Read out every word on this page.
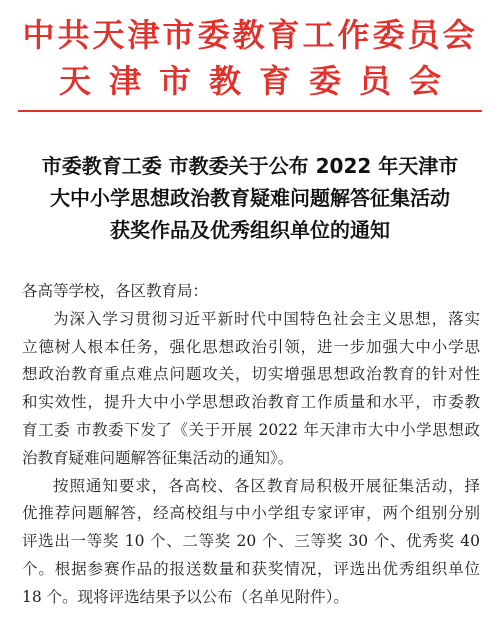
中共天津市委教育工作委员会
天津市教育委员会
市委教育工委 市教委关于公布 2022 年天津市
大中小学思想政治教育疑难问题解答征集活动
获奖作品及优秀组织单位的通知
各高等学校，各区教育局：
为深入学习贯彻习近平新时代中国特色社会主义思想，落实
立德树人根本任务，强化思想政治引领，进一步加强大中小学思
想政治教育重点难点问题攻关，切实增强思想政治教育的针对性
和实效性，提升大中小学思想政治教育工作质量和水平，市委教
育工委 市教委下发了《关于开展 2022 年天津市大中小学思想政
治教育疑难问题解答征集活动的通知》。
按照通知要求，各高校、各区教育局积极开展征集活动，择
优推荐问题解答，经高校组与中小学组专家评审，两个组别分别
评选出一等奖 10 个、二等奖 20 个、三等奖 30 个、优秀奖 40
个。根据参赛作品的报送数量和获奖情况，评选出优秀组织单位
18 个。现将评选结果予以公布（名单见附件）。
